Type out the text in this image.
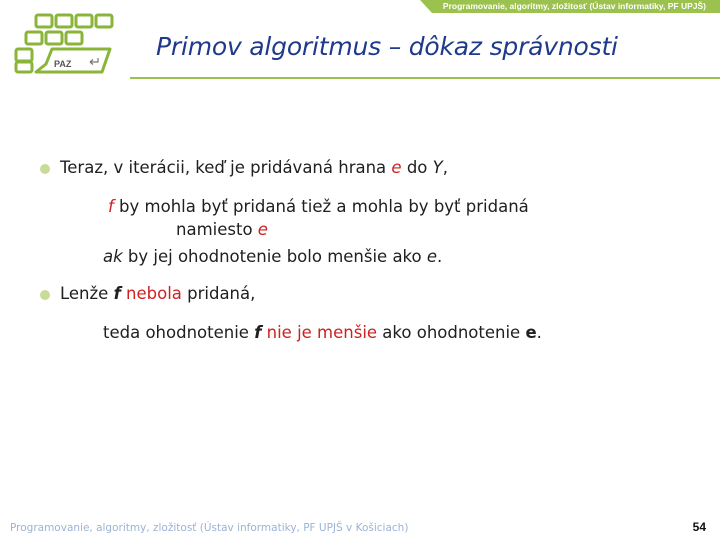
Programovanie, algoritmy, zložitosť (Ústav informatiky, PF UPJŠ)
PAZ
Primov algoritmus – dôkaz správnosti
Teraz, v iterácii, keď je pridávaná hrana e do Y,
f by mohla byť pridaná tiež a mohla by byť pridaná
namiesto e
ak by jej ohodnotenie bolo menšie ako e.
Lenže f nebola pridaná,
teda ohodnotenie f nie je menšie ako ohodnotenie e.
Programovanie, algoritmy, zložitosť (Ústav informatiky, PF UPJŠ v Košiciach)	54
